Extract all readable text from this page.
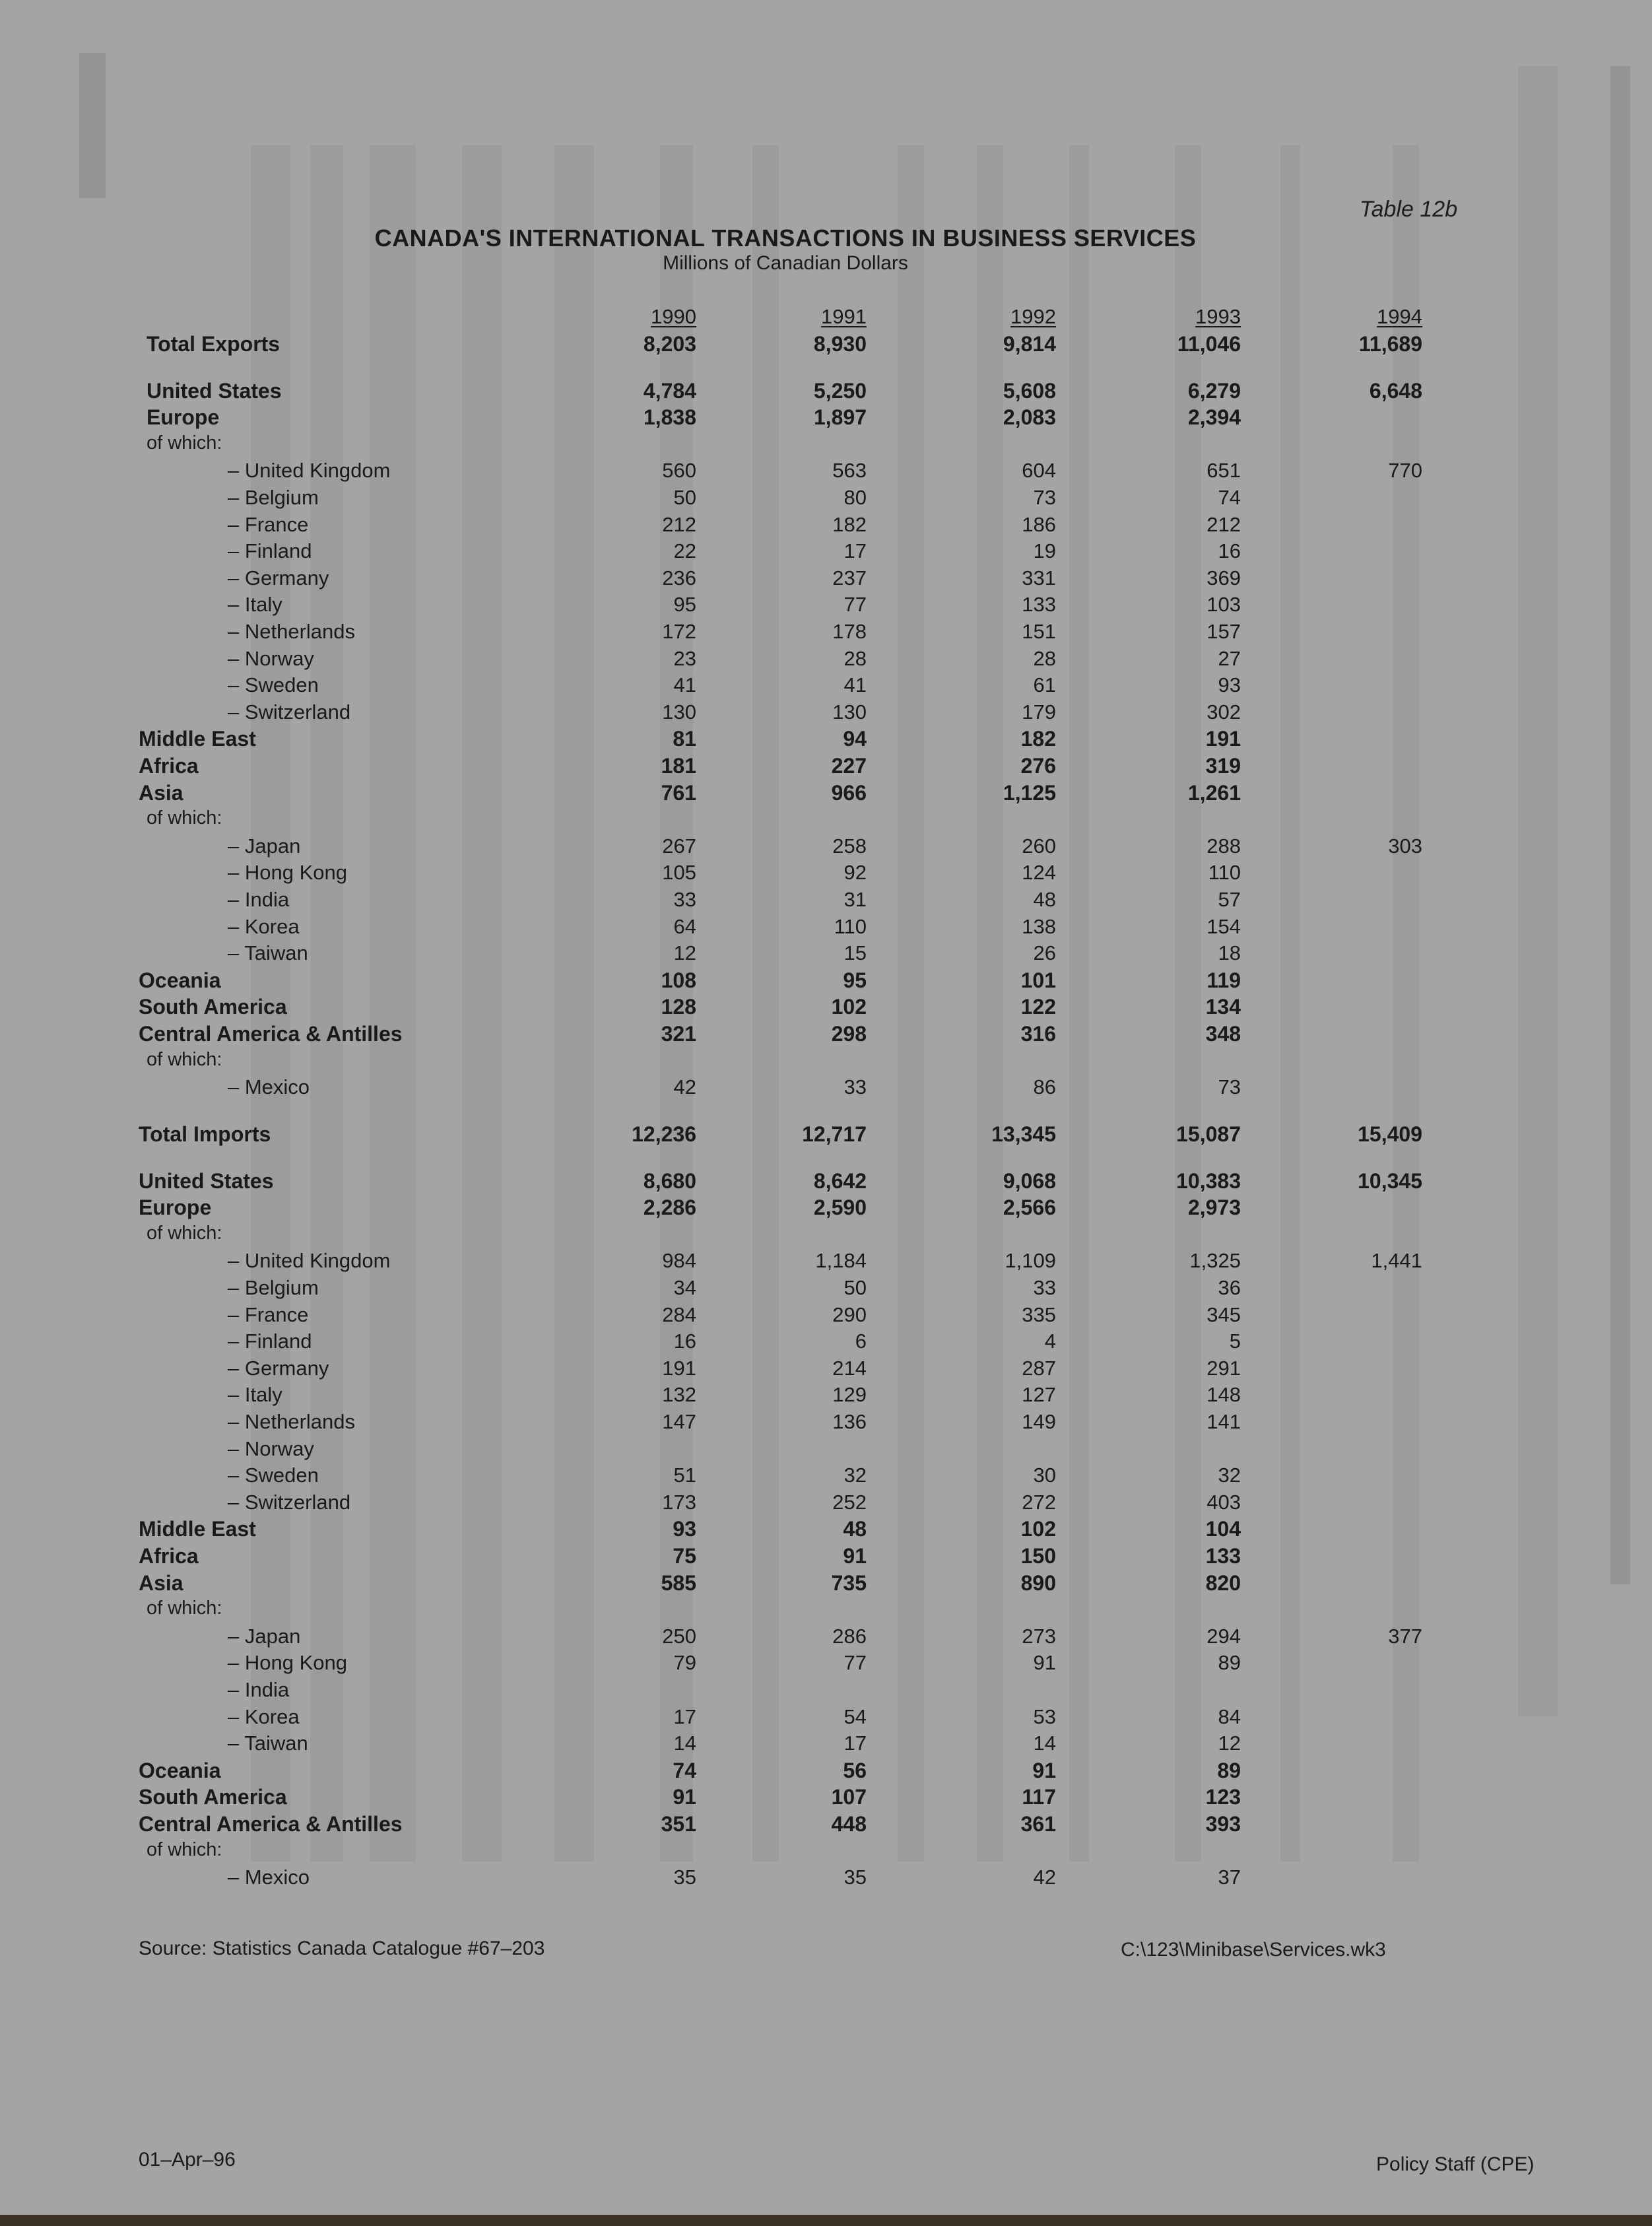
Table 12b
CANADA'S INTERNATIONAL TRANSACTIONS IN BUSINESS SERVICES
Millions of Canadian Dollars
1990	1991	1992	1993	1994
Total Exports	8,203	8,930	9,814	11,046	11,689
United States	4,784	5,250	5,608	6,279	6,648
Europe	1,838	1,897	2,083	2,394
of which:
– United Kingdom	560	563	604	651	770
– Belgium	50	80	73	74
– France	212	182	186	212
– Finland	22	17	19	16
– Germany	236	237	331	369
– Italy	95	77	133	103
– Netherlands	172	178	151	157
– Norway	23	28	28	27
– Sweden	41	41	61	93
– Switzerland	130	130	179	302
Middle East	81	94	182	191
Africa	181	227	276	319
Asia	761	966	1,125	1,261
of which:
– Japan	267	258	260	288	303
– Hong Kong	105	92	124	110
– India	33	31	48	57
– Korea	64	110	138	154
– Taiwan	12	15	26	18
Oceania	108	95	101	119
South America	128	102	122	134
Central America & Antilles	321	298	316	348
of which:
– Mexico	42	33	86	73
Total Imports	12,236	12,717	13,345	15,087	15,409
United States	8,680	8,642	9,068	10,383	10,345
Europe	2,286	2,590	2,566	2,973
of which:
– United Kingdom	984	1,184	1,109	1,325	1,441
– Belgium	34	50	33	36
– France	284	290	335	345
– Finland	16	6	4	5
– Germany	191	214	287	291
– Italy	132	129	127	148
– Netherlands	147	136	149	141
– Norway
– Sweden	51	32	30	32
– Switzerland	173	252	272	403
Middle East	93	48	102	104
Africa	75	91	150	133
Asia	585	735	890	820
of which:
– Japan	250	286	273	294	377
– Hong Kong	79	77	91	89
– India
– Korea	17	54	53	84
– Taiwan	14	17	14	12
Oceania	74	56	91	89
South America	91	107	117	123
Central America & Antilles	351	448	361	393
of which:
– Mexico	35	35	42	37
Source: Statistics Canada Catalogue #67–203	C:\123\Minibase\Services.wk3
01–Apr–96	Policy Staff (CPE)
